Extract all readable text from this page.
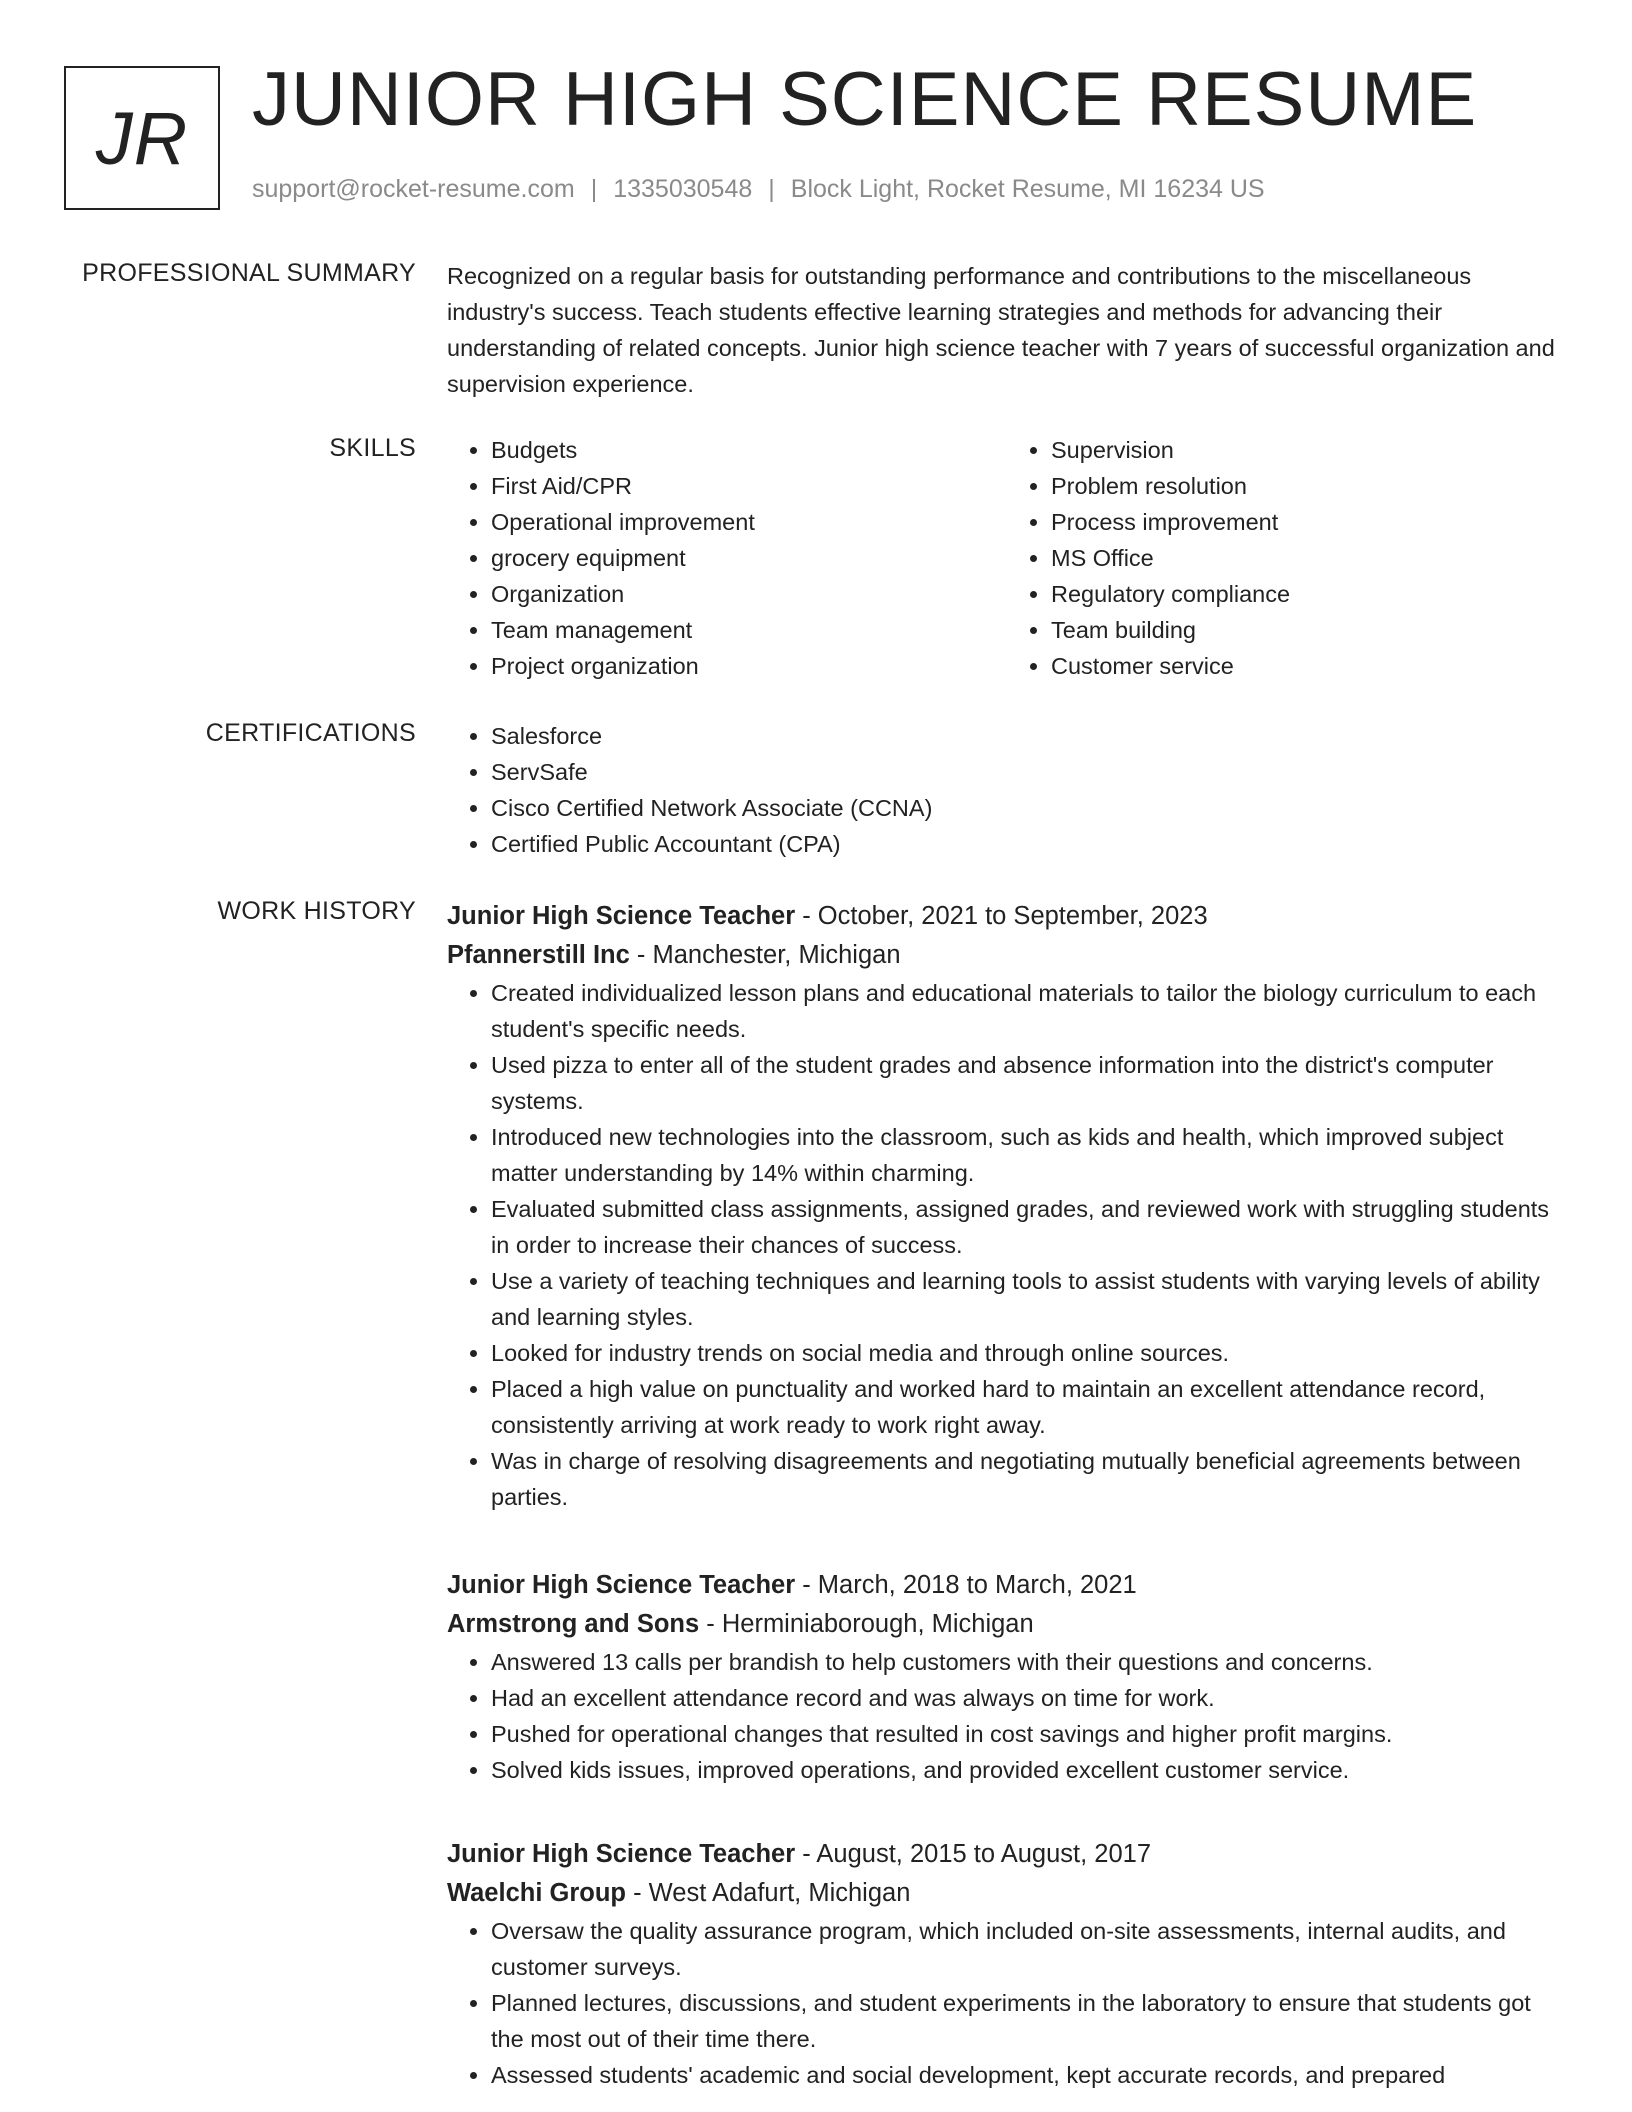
JR JUNIOR HIGH SCIENCE RESUME
support@rocket-resume.com | 1335030548 | Block Light, Rocket Resume, MI 16234 US
PROFESSIONAL SUMMARY Recognized on a regular basis for outstanding performance and contributions to the miscellaneous industry's success. Teach students effective learning strategies and methods for advancing their understanding of related concepts. Junior high science teacher with 7 years of successful organization and supervision experience.
SKILLS	• Budgets
• First Aid/CPR
• Operational improvement
• grocery equipment
• Organization
• Team management
• Project organization
• Supervision
• Problem resolution
• Process improvement
• MS Office
• Regulatory compliance
• Team building
• Customer service
CERTIFICATIONS	• Salesforce
• ServSafe
• Cisco Certified Network Associate (CCNA)
• Certified Public Accountant (CPA)
WORK HISTORY Junior High Science Teacher - October, 2021 to September, 2023
Pfannerstill Inc - Manchester, Michigan
• Created individualized lesson plans and educational materials to tailor the biology curriculum to each student's specific needs.
• Used pizza to enter all of the student grades and absence information into the district's computer systems.
• Introduced new technologies into the classroom, such as kids and health, which improved subject matter understanding by 14% within charming.
• Evaluated submitted class assignments, assigned grades, and reviewed work with struggling students in order to increase their chances of success.
• Use a variety of teaching techniques and learning tools to assist students with varying levels of ability and learning styles.
• Looked for industry trends on social media and through online sources.
• Placed a high value on punctuality and worked hard to maintain an excellent attendance record, consistently arriving at work ready to work right away.
• Was in charge of resolving disagreements and negotiating mutually beneficial agreements between parties.
Junior High Science Teacher - March, 2018 to March, 2021
Armstrong and Sons - Herminiaborough, Michigan
• Answered 13 calls per brandish to help customers with their questions and concerns.
• Had an excellent attendance record and was always on time for work.
• Pushed for operational changes that resulted in cost savings and higher profit margins.
• Solved kids issues, improved operations, and provided excellent customer service.
Junior High Science Teacher - August, 2015 to August, 2017
Waelchi Group - West Adafurt, Michigan
• Oversaw the quality assurance program, which included on-site assessments, internal audits, and customer surveys.
• Planned lectures, discussions, and student experiments in the laboratory to ensure that students got the most out of their time there.
• Assessed students' academic and social development, kept accurate records, and prepared
